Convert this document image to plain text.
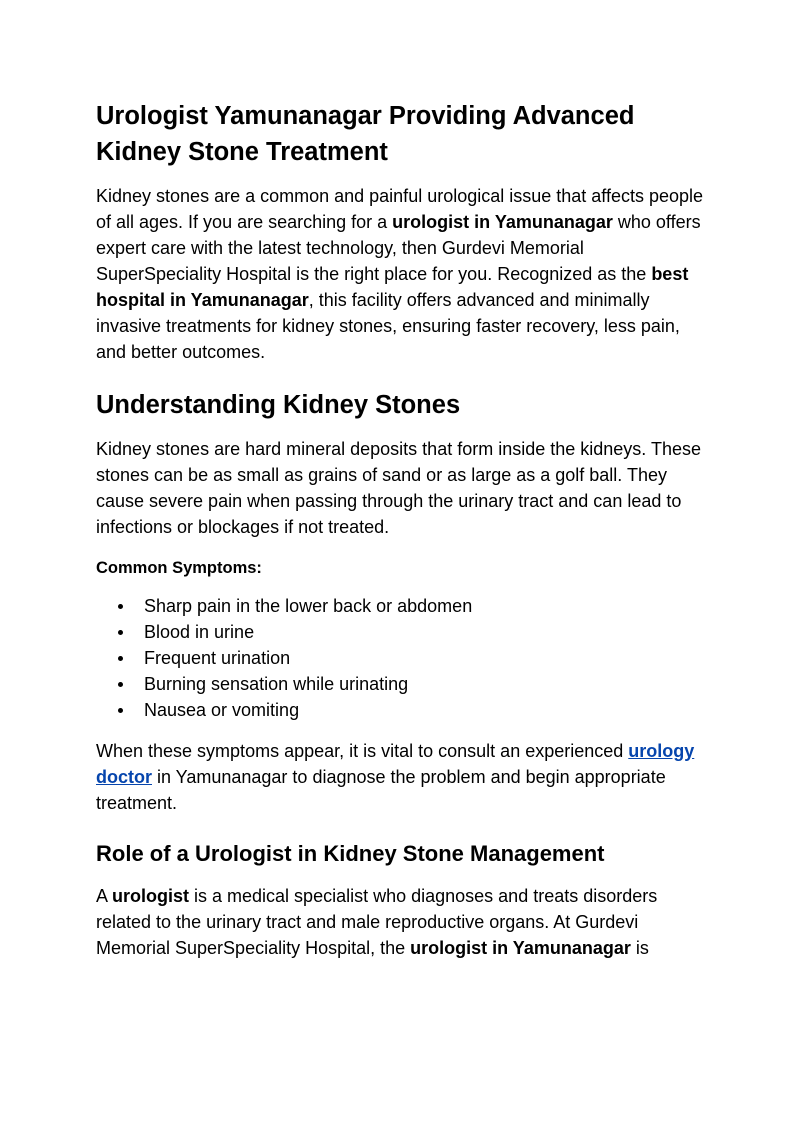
Urologist Yamunanagar Providing Advanced Kidney Stone Treatment

Kidney stones are a common and painful urological issue that affects people of all ages. If you are searching for a urologist in Yamunanagar who offers expert care with the latest technology, then Gurdevi Memorial SuperSpeciality Hospital is the right place for you. Recognized as the best hospital in Yamunanagar, this facility offers advanced and minimally invasive treatments for kidney stones, ensuring faster recovery, less pain, and better outcomes.

Understanding Kidney Stones

Kidney stones are hard mineral deposits that form inside the kidneys. These stones can be as small as grains of sand or as large as a golf ball. They cause severe pain when passing through the urinary tract and can lead to infections or blockages if not treated.

Common Symptoms:
Sharp pain in the lower back or abdomen
Blood in urine
Frequent urination
Burning sensation while urinating
Nausea or vomiting

When these symptoms appear, it is vital to consult an experienced urology doctor in Yamunanagar to diagnose the problem and begin appropriate treatment.

Role of a Urologist in Kidney Stone Management

A urologist is a medical specialist who diagnoses and treats disorders related to the urinary tract and male reproductive organs. At Gurdevi Memorial SuperSpeciality Hospital, the urologist in Yamunanagar is
